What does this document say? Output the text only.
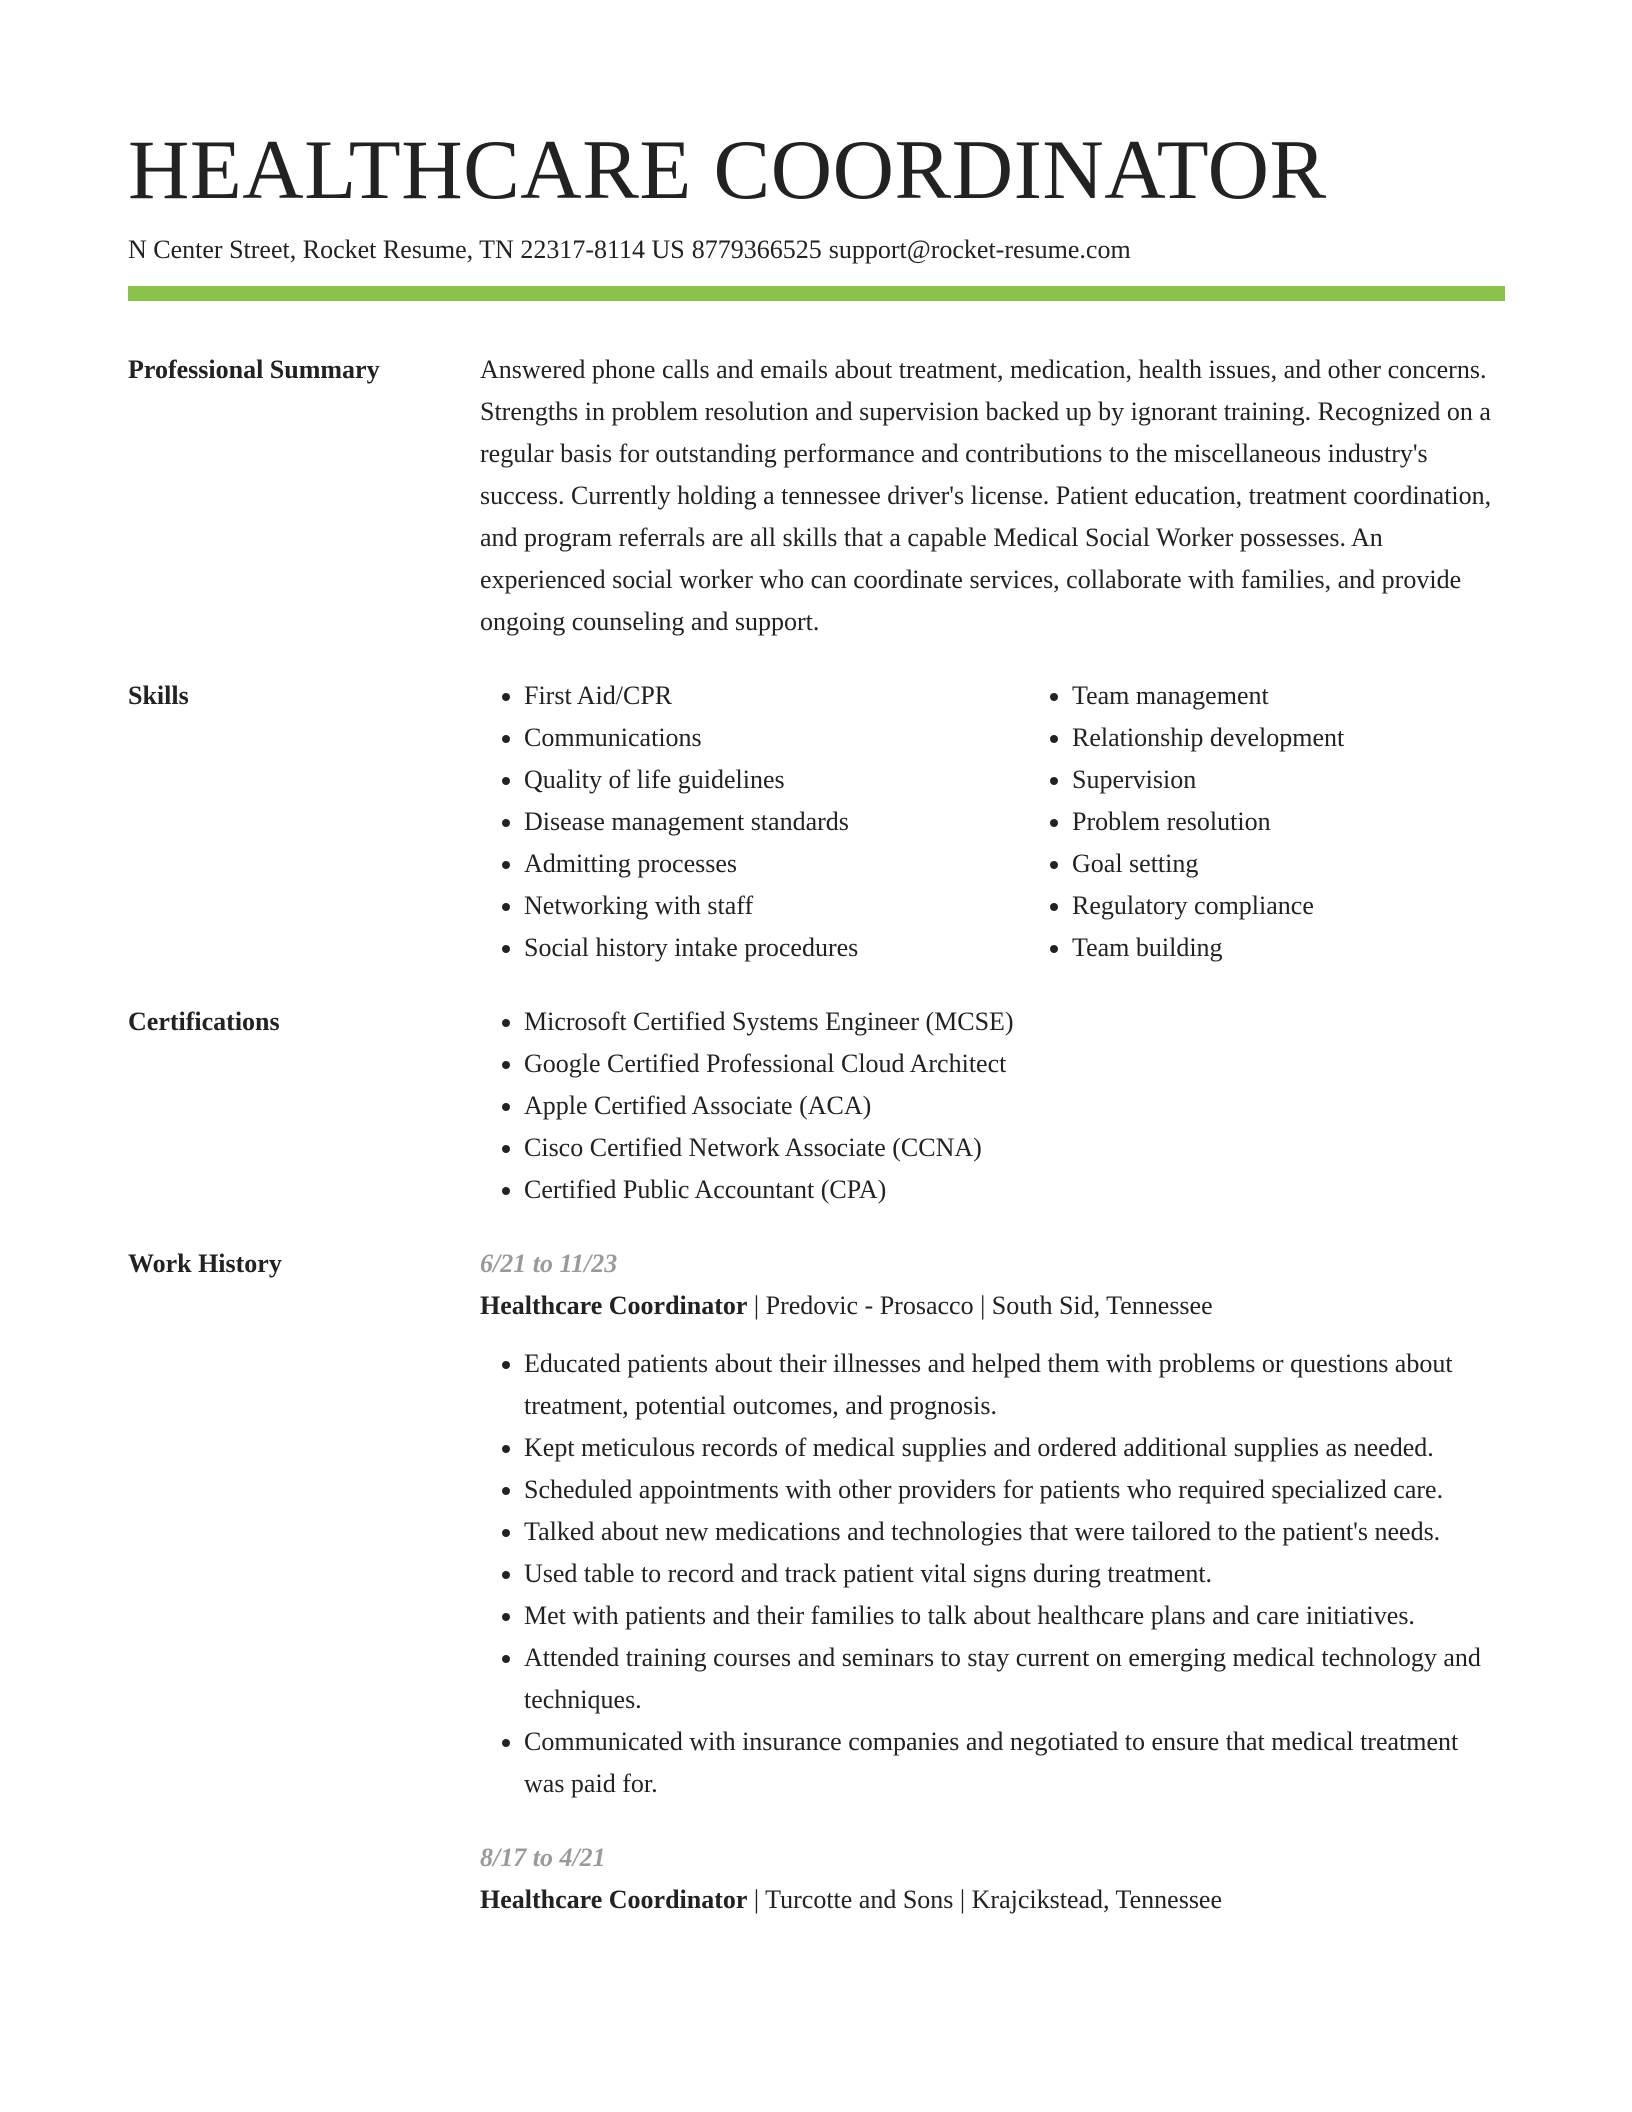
HEALTHCARE COORDINATOR
N Center Street, Rocket Resume, TN 22317-8114 US 8779366525 support@rocket-resume.com
Professional Summary	Answered phone calls and emails about treatment, medication, health issues, and other concerns. Strengths in problem resolution and supervision backed up by ignorant training. Recognized on a regular basis for outstanding performance and contributions to the miscellaneous industry's success. Currently holding a tennessee driver's license. Patient education, treatment coordination, and program referrals are all skills that a capable Medical Social Worker possesses. An experienced social worker who can coordinate services, collaborate with families, and provide ongoing counseling and support.

Skills	• First Aid/CPR
• Communications
• Quality of life guidelines
• Disease management standards
• Admitting processes
• Networking with staff
• Social history intake procedures
• Team management
• Relationship development
• Supervision
• Problem resolution
• Goal setting
• Regulatory compliance
• Team building
Certifications	• Microsoft Certified Systems Engineer (MCSE)
• Google Certified Professional Cloud Architect
• Apple Certified Associate (ACA)
• Cisco Certified Network Associate (CCNA)
• Certified Public Accountant (CPA)
Work History	6/21 to 11/23
Healthcare Coordinator | Predovic - Prosacco | South Sid, Tennessee
• Educated patients about their illnesses and helped them with problems or questions about treatment, potential outcomes, and prognosis.
• Kept meticulous records of medical supplies and ordered additional supplies as needed.
• Scheduled appointments with other providers for patients who required specialized care.
• Talked about new medications and technologies that were tailored to the patient's needs.
• Used table to record and track patient vital signs during treatment.
• Met with patients and their families to talk about healthcare plans and care initiatives.
• Attended training courses and seminars to stay current on emerging medical technology and techniques.
• Communicated with insurance companies and negotiated to ensure that medical treatment was paid for.
8/17 to 4/21
Healthcare Coordinator | Turcotte and Sons | Krajcikstead, Tennessee
